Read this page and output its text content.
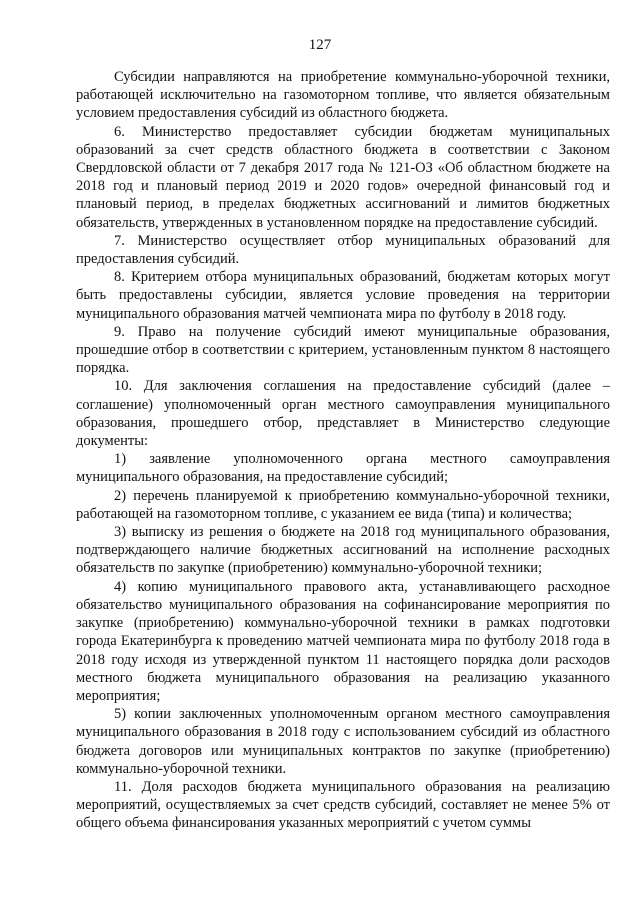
127

Субсидии направляются на приобретение коммунально-уборочной техники, работающей исключительно на газомоторном топливе, что является обязательным условием предоставления субсидий из областного бюджета.

6. Министерство предоставляет субсидии бюджетам муниципальных образований за счет средств областного бюджета в соответствии с Законом Свердловской области от 7 декабря 2017 года № 121-ОЗ «Об областном бюджете на 2018 год и плановый период 2019 и 2020 годов» очередной финансовый год и плановый период, в пределах бюджетных ассигнований и лимитов бюджетных обязательств, утвержденных в установленном порядке на предоставление субсидий.

7. Министерство осуществляет отбор муниципальных образований для предоставления субсидий.

8. Критерием отбора муниципальных образований, бюджетам которых могут быть предоставлены субсидии, является условие проведения на территории муниципального образования матчей чемпионата мира по футболу в 2018 году.

9. Право на получение субсидий имеют муниципальные образования, прошедшие отбор в соответствии с критерием, установленным пунктом 8 настоящего порядка.

10. Для заключения соглашения на предоставление субсидий (далее – соглашение) уполномоченный орган местного самоуправления муниципального образования, прошедшего отбор, представляет в Министерство следующие документы:

1) заявление уполномоченного органа местного самоуправления муниципального образования, на предоставление субсидий;

2) перечень планируемой к приобретению коммунально-уборочной техники, работающей на газомоторном топливе, с указанием ее вида (типа) и количества;

3) выписку из решения о бюджете на 2018 год муниципального образования, подтверждающего наличие бюджетных ассигнований на исполнение расходных обязательств по закупке (приобретению) коммунально-уборочной техники;

4) копию муниципального правового акта, устанавливающего расходное обязательство муниципального образования на софинансирование мероприятия по закупке (приобретению) коммунально-уборочной техники в рамках подготовки города Екатеринбурга к проведению матчей чемпионата мира по футболу 2018 года в 2018 году исходя из утвержденной пунктом 11 настоящего порядка доли расходов местного бюджета муниципального образования на реализацию указанного мероприятия;

5) копии заключенных уполномоченным органом местного самоуправления муниципального образования в 2018 году с использованием субсидий из областного бюджета договоров или муниципальных контрактов по закупке (приобретению) коммунально-уборочной техники.

11. Доля расходов бюджета муниципального образования на реализацию мероприятий, осуществляемых за счет средств субсидий, составляет не менее 5% от общего объема финансирования указанных мероприятий с учетом суммы
